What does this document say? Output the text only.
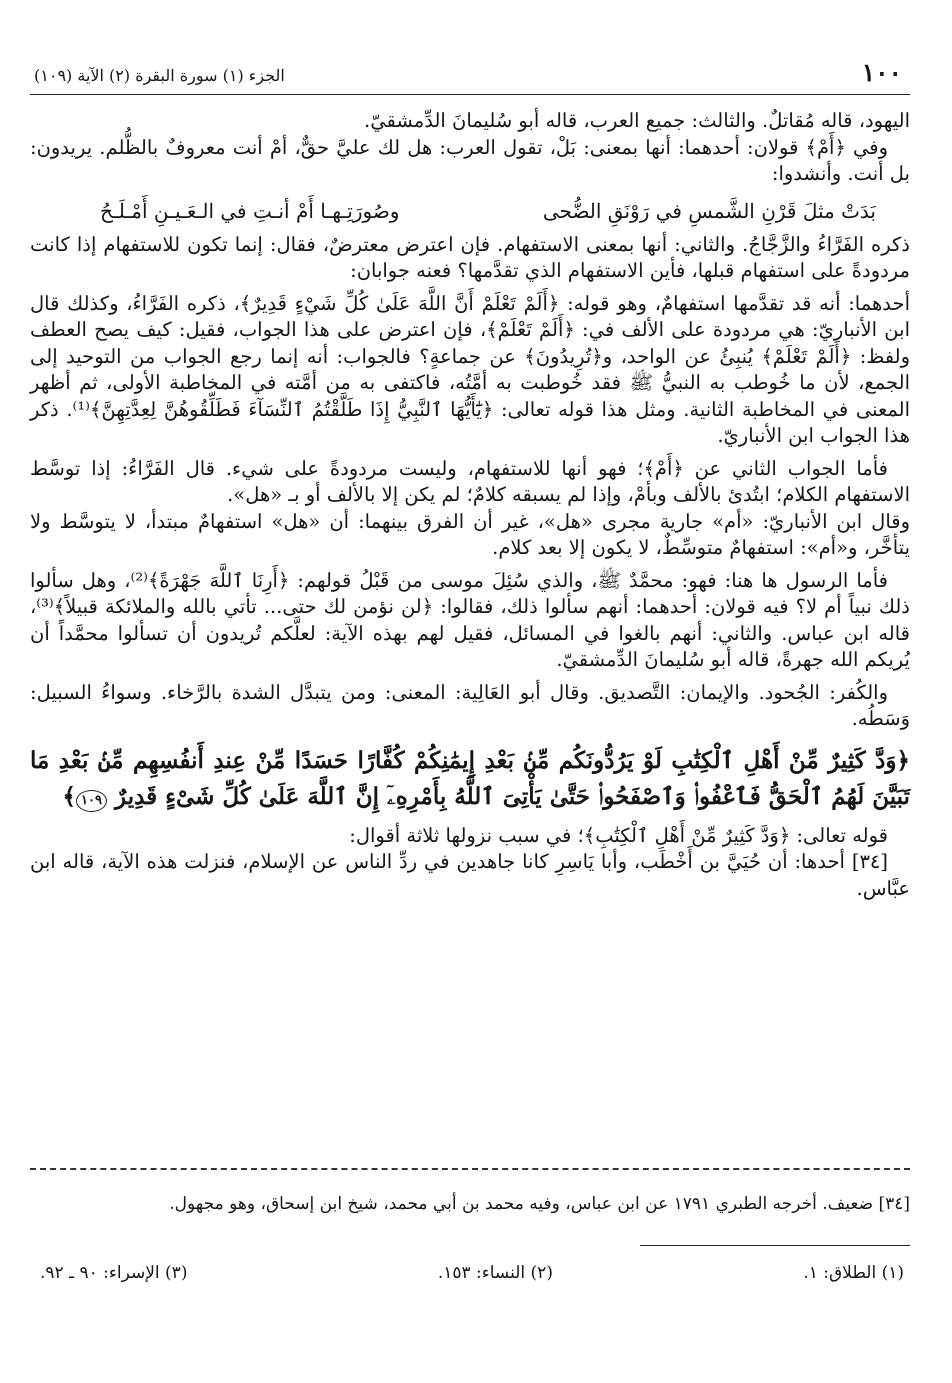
١٠٠
الجزء (١) سورة البقرة (٢) الآية (١٠٩)

اليهود، قاله مُقاتلٌ. والثالث: جميع العرب، قاله أبو سُليمانَ الدِّمشقيّ.

وفي ﴿أَمْ﴾ قولان: أحدهما: أنها بمعنى: بَلْ، تقول العرب: هل لك عليَّ حقٌّ، أمْ أنت معروفٌ بالظُّلم. يريدون: بل أنت. وأنشدوا:

بَدَتْ مثلَ قَرْنِ الشَّمسِ في رَوْنَقِ الضُّحى
وصُورَتِـهـا أَمْ أنـتِ في الـعَـيـنِ أَمْـلَـحُ

ذكره الفَرَّاءُ والزَّجَّاجُ. والثاني: أنها بمعنى الاستفهام. فإن اعترض معترضٌ، فقال: إنما تكون للاستفهام إذا كانت مردودةً على استفهام قبلها، فأين الاستفهام الذي تقدَّمها؟ فعنه جوابان:

أحدهما: أنه قد تقدَّمها استفهامٌ، وهو قوله: ﴿أَلَمْ تَعْلَمْ أَنَّ اللَّهَ عَلَىٰ كُلِّ شَيْءٍ قَدِيرٌ﴾، ذكره الفَرَّاءُ، وكذلك قال ابن الأنباريّ: هي مردودة على الألف في: ﴿أَلَمْ تَعْلَمْ﴾، فإن اعترض على هذا الجواب، فقيل: كيف يصح العطف ولفظ: ﴿أَلَمْ تَعْلَمْ﴾ يُنبِئُ عن الواحد، و﴿تُرِيدُونَ﴾ عن جماعةٍ؟ فالجواب: أنه إنما رجع الجواب من التوحيد إلى الجمع، لأن ما خُوطب به النبيُّ ﷺ فقد خُوطبت به أمَّتُه، فاكتفى به من أمَّته في المخاطبة الأولى، ثم أظهر المعنى في المخاطبة الثانية. ومثل هذا قوله تعالى: ﴿يَٰٓأَيُّهَا ٱلنَّبِيُّ إِذَا طَلَّقْتُمُ ٱلنِّسَآءَ فَطَلِّقُوهُنَّ لِعِدَّتِهِنَّ﴾⁽¹⁾. ذكر هذا الجواب ابن الأنباريّ.

فأما الجواب الثاني عن ﴿أَمْ﴾؛ فهو أنها للاستفهام، وليست مردودةً على شيء. قال الفَرَّاءُ: إذا توسَّط الاستفهام الكلام؛ ابتُدئ بالألف وبأمْ، وإذا لم يسبقه كلامٌ؛ لم يكن إلا بالألف أو بـ «هل».

وقال ابن الأنباريّ: «أم» جارية مجرى «هل»، غير أن الفرق بينهما: أن «هل» استفهامٌ مبتدأ، لا يتوسَّط ولا يتأخَّر، و«أم»: استفهامٌ متوسِّطٌ، لا يكون إلا بعد كلام.

فأما الرسول ها هنا: فهو: محمَّدٌ ﷺ، والذي سُئِلَ موسى من قَبْلُ قولهم: ﴿أَرِنَا ٱللَّهَ جَهْرَةً﴾⁽²⁾، وهل سألوا ذلك نبياً أم لا؟ فيه قولان: أحدهما: أنهم سألوا ذلك، فقالوا: ﴿لن نؤمن لك حتى... تأتي بالله والملائكة قبيلاً﴾⁽³⁾، قاله ابن عباس. والثاني: أنهم بالغوا في المسائل، فقيل لهم بهذه الآية: لعلَّكم تُريدون أن تسألوا محمَّداً أن يُريكم الله جهرةً، قاله أبو سُليمانَ الدِّمشقيّ.

والكُفر: الجُحود. والإيمان: التَّصديق. وقال أبو العَالِية: المعنى: ومن يتبدَّل الشدة بالرَّخاء. وسواءُ السبيل: وَسَطُه.

﴿وَدَّ كَثِيرٌ مِّنْ أَهْلِ ٱلْكِتَٰبِ لَوْ يَرُدُّونَكُم مِّنۢ بَعْدِ إِيمَٰنِكُمْ كُفَّارًا حَسَدًا مِّنْ عِندِ أَنفُسِهِم مِّنۢ بَعْدِ مَا تَبَيَّنَ لَهُمُ ٱلْحَقُّ فَٱعْفُوا۟ وَٱصْفَحُوا۟ حَتَّىٰ يَأْتِىَ ٱللَّهُ بِأَمْرِهِۦٓ إِنَّ ٱللَّهَ عَلَىٰ كُلِّ شَىْءٍ قَدِيرٌ ١٠٩﴾

قوله تعالى: ﴿وَدَّ كَثِيرٌ مِّنْ أَهْلِ ٱلْكِتَٰبِ﴾؛ في سبب نزولها ثلاثة أقوال:

[٣٤] أحدها: أن حُيَيَّ بن أَخْطَب، وأبا يَاسِرِ كانا جاهدين في ردِّ الناس عن الإسلام، فنزلت هذه الآية، قاله ابن عبَّاس.

[٣٤] ضعيف. أخرجه الطبري ١٧٩١ عن ابن عباس، وفيه محمد بن أبي محمد، شيخ ابن إسحاق، وهو مجهول.
(١) الطلاق: ١.
(٢) النساء: ١٥٣.
(٣) الإسراء: ٩٠ ـ ٩٢.
